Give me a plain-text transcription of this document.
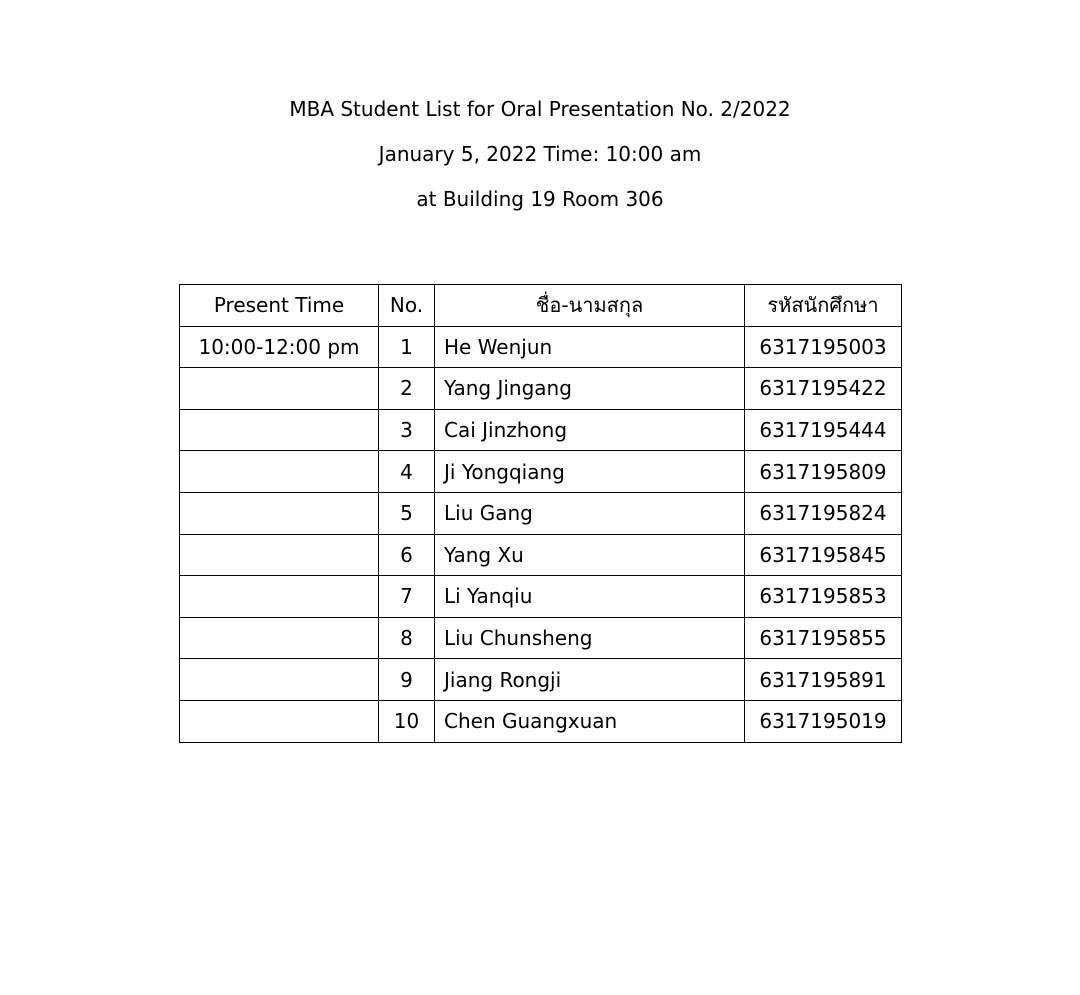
MBA Student List for Oral Presentation No. 2/2022
January 5, 2022 Time: 10:00 am
at Building 19 Room 306
Present Time	No.	ชื่อ-นามสกุล	รหัสนักศึกษา
10:00-12:00 pm	1	He Wenjun	6317195003
	2	Yang Jingang	6317195422
	3	Cai Jinzhong	6317195444
	4	Ji Yongqiang	6317195809
	5	Liu Gang	6317195824
	6	Yang Xu	6317195845
	7	Li Yanqiu	6317195853
	8	Liu Chunsheng	6317195855
	9	Jiang Rongji	6317195891
	10	Chen Guangxuan	6317195019
